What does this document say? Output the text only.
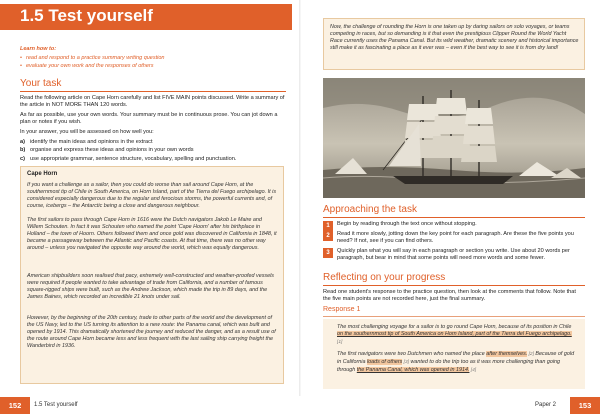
1.5 Test yourself
Learn how to:
• read and respond to a practice summary writing question
• evaluate your own work and the responses of others
Your task

Read the following article on Cape Horn carefully and list FIVE MAIN points discussed. Write a summary of the article in NOT MORE THAN 120 words.

As far as possible, use your own words. Your summary must be in continuous prose. You can jot down a plan or notes if you wish.

In your answer, you will be assessed on how well you:

a) identify the main ideas and opinions in the extract
b) organise and express these ideas and opinions in your own words
c) use appropriate grammar, sentence structure, vocabulary, spelling and punctuation.
Cape Horn

If you want a challenge as a sailor, then you could do worse than sail around Cape Horn, at the southernmost tip of Chile in South America, on Horn Island, part of the Tierra del Fuego archipelago. It is considered especially dangerous due to the regular and ferocious storms, the powerful currents and, of course, icebergs – the Antarctic being a close and dangerous neighbour.

The first sailors to pass through Cape Horn in 1616 were the Dutch navigators Jakob Le Maire and Willem Schouten. In fact it was Schouten who named the point 'Cape Hoorn' after his birthplace in Holland – the town of Hoorn. Others followed them and once gold was discovered in California in 1848, it became a passageway between the Atlantic and Pacific coasts. At that time, there was no other way around – unless you navigated the opposite way around the world, which was equally dangerous.

American shipbuilders soon realised that pacy, extremely well-constructed and weather-proofed vessels were required if people wanted to take advantage of trade from California, and a number of famous square-rigged ships were built, such as the Andrew Jackson, which made the trip in 89 days, and the James Baines, which recorded an incredible 21 knots under sail.

However, by the beginning of the 20th century, trade to other parts of the world and the development of the US Navy, led to the US turning its attention to a new route: the Panama canal, which was built and opened by 1914. This dramatically shortened the journey and reduced the danger, and as a result use of the route around Cape Horn became less and less frequent with the last sailing ship carrying freight the Wanderbird in 1936.

152	1.5 Test yourself

Now, the challenge of rounding the Horn is one taken up by daring sailors on solo voyages, or teams competing in races, but so demanding is it that even the prestigious Clipper Round the World Yacht Race currently uses the Panama Canal. But its wild weather, dramatic scenery and historical importance still make it as fascinating a place as it ever was – even if the best way to see it is from dry land!

Approaching the task
1	Begin by reading through the text once without stopping.
2	Read it more slowly, jotting down the key point for each paragraph. Are these the five points you need? If not, see if you can find others.
3	Quickly plan what you will say in each paragraph or section you write. Use about 20 words per paragraph, but bear in mind that some points will need more words and some fewer.
Reflecting on your progress

Read one student's response to the practice question, then look at the comments that follow. Note that the five main points are not recorded here, just the final summary.

Response 1

The most challenging voyage for a sailor is to go round Cape Horn, because of its position in Chile on the southernmost tip of South America on Horn Island, part of the Tierra del Fuego archipelago. [1]

The first navigators were two Dutchmen who named the place after themselves. [2] Because of gold in California loads of others [3] wanted to do the trip too as it was more challenging than going through the Panama Canal, which was opened in 1914. [4]

Paper 2	153
